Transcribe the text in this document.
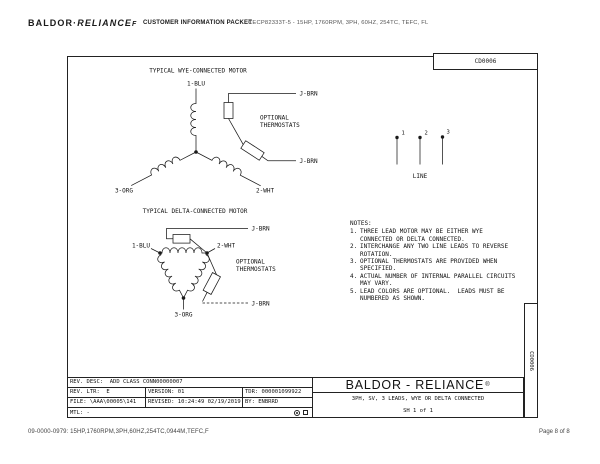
BALDOR·RELIANCEF CUSTOMER INFORMATION PACKET
CECP82333T-5 - 15HP, 1760RPM, 3PH, 60HZ, 254TC, TEFC, FL
CD0006
CD0006
TYPICAL WYE-CONNECTED MOTOR
1-BLU
3-ORG	2-WHT
J-BRN
J-BRN
OPTIONAL
THERMOSTATS
TYPICAL DELTA-CONNECTED MOTOR
J-BRN
1-BLU	2-WHT
3-ORG
J-BRN
OPTIONAL
THERMOSTATS
1	2	3
LINE
NOTES:
1. THREE LEAD MOTOR MAY BE EITHER WYE CONNECTED OR DELTA CONNECTED.
2. INTERCHANGE ANY TWO LINE LEADS TO REVERSE ROTATION.
3. OPTIONAL THERMOSTATS ARE PROVIDED WHEN SPECIFIED.
4. ACTUAL NUMBER OF INTERNAL PARALLEL CIRCUITS MAY VARY.
5. LEAD COLORS ARE OPTIONAL.  LEADS MUST BE NUMBERED AS SHOWN.
REV. DESC:  ADD CLASS CONN00000007
REV. LTR:  E	VERSION: 01	TDR: 000001099922
FILE: \AAA\00005\141	REVISED: 10:24:49 02/19/2019 BY: ENBRRD
MTL: -
BALDOR - RELIANCE ®
3PH, SV, 3 LEADS, WYE OR DELTA CONNECTED
SH 1 of 1
09-0000-0979: 15HP,1760RPM,3PH,60HZ,254TC,0944M,TEFC,F	Page 8 of 8
